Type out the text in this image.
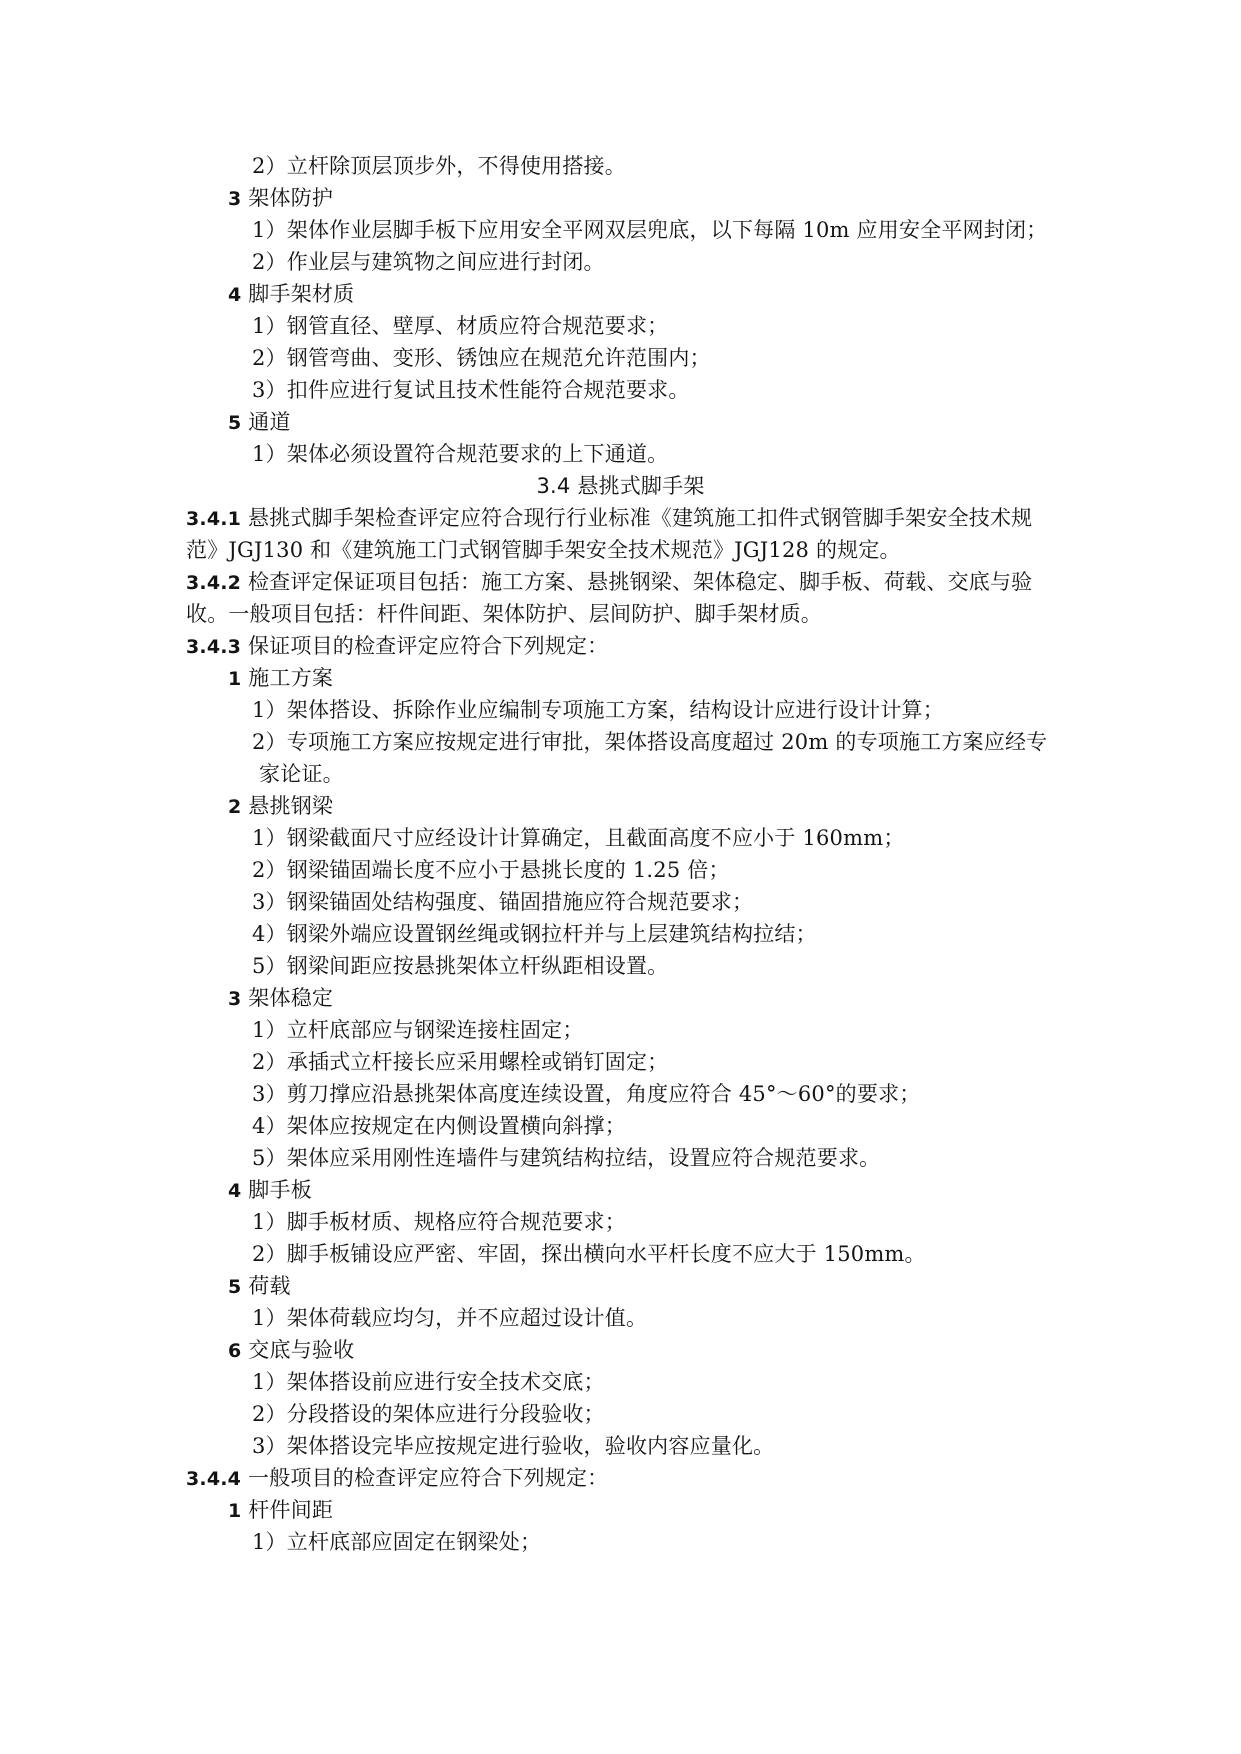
2）立杆除顶层顶步外，不得使用搭接。
3 架体防护
1）架体作业层脚手板下应用安全平网双层兜底，以下每隔 10m 应用安全平网封闭；
2）作业层与建筑物之间应进行封闭。
4 脚手架材质
1）钢管直径、壁厚、材质应符合规范要求；
2）钢管弯曲、变形、锈蚀应在规范允许范围内；
3）扣件应进行复试且技术性能符合规范要求。
5 通道
1）架体必须设置符合规范要求的上下通道。
3.4 悬挑式脚手架
3.4.1 悬挑式脚手架检查评定应符合现行行业标准《建筑施工扣件式钢管脚手架安全技术规
范》JGJ130 和《建筑施工门式钢管脚手架安全技术规范》JGJ128 的规定。
3.4.2 检查评定保证项目包括：施工方案、悬挑钢梁、架体稳定、脚手板、荷载、交底与验
收。一般项目包括：杆件间距、架体防护、层间防护、脚手架材质。
3.4.3 保证项目的检查评定应符合下列规定：
1 施工方案
1）架体搭设、拆除作业应编制专项施工方案，结构设计应进行设计计算；
2）专项施工方案应按规定进行审批，架体搭设高度超过 20m 的专项施工方案应经专
家论证。
2 悬挑钢梁
1）钢梁截面尺寸应经设计计算确定，且截面高度不应小于 160mm；
2）钢梁锚固端长度不应小于悬挑长度的 1.25 倍；
3）钢梁锚固处结构强度、锚固措施应符合规范要求；
4）钢梁外端应设置钢丝绳或钢拉杆并与上层建筑结构拉结；
5）钢梁间距应按悬挑架体立杆纵距相设置。
3 架体稳定
1）立杆底部应与钢梁连接柱固定；
2）承插式立杆接长应采用螺栓或销钉固定；
3）剪刀撑应沿悬挑架体高度连续设置，角度应符合 45°～60°的要求；
4）架体应按规定在内侧设置横向斜撑；
5）架体应采用刚性连墙件与建筑结构拉结，设置应符合规范要求。
4 脚手板
1）脚手板材质、规格应符合规范要求；
2）脚手板铺设应严密、牢固，探出横向水平杆长度不应大于 150mm。
5 荷载
1）架体荷载应均匀，并不应超过设计值。
6 交底与验收
1）架体搭设前应进行安全技术交底；
2）分段搭设的架体应进行分段验收；
3）架体搭设完毕应按规定进行验收，验收内容应量化。
3.4.4 一般项目的检查评定应符合下列规定：
1 杆件间距
1）立杆底部应固定在钢梁处；
